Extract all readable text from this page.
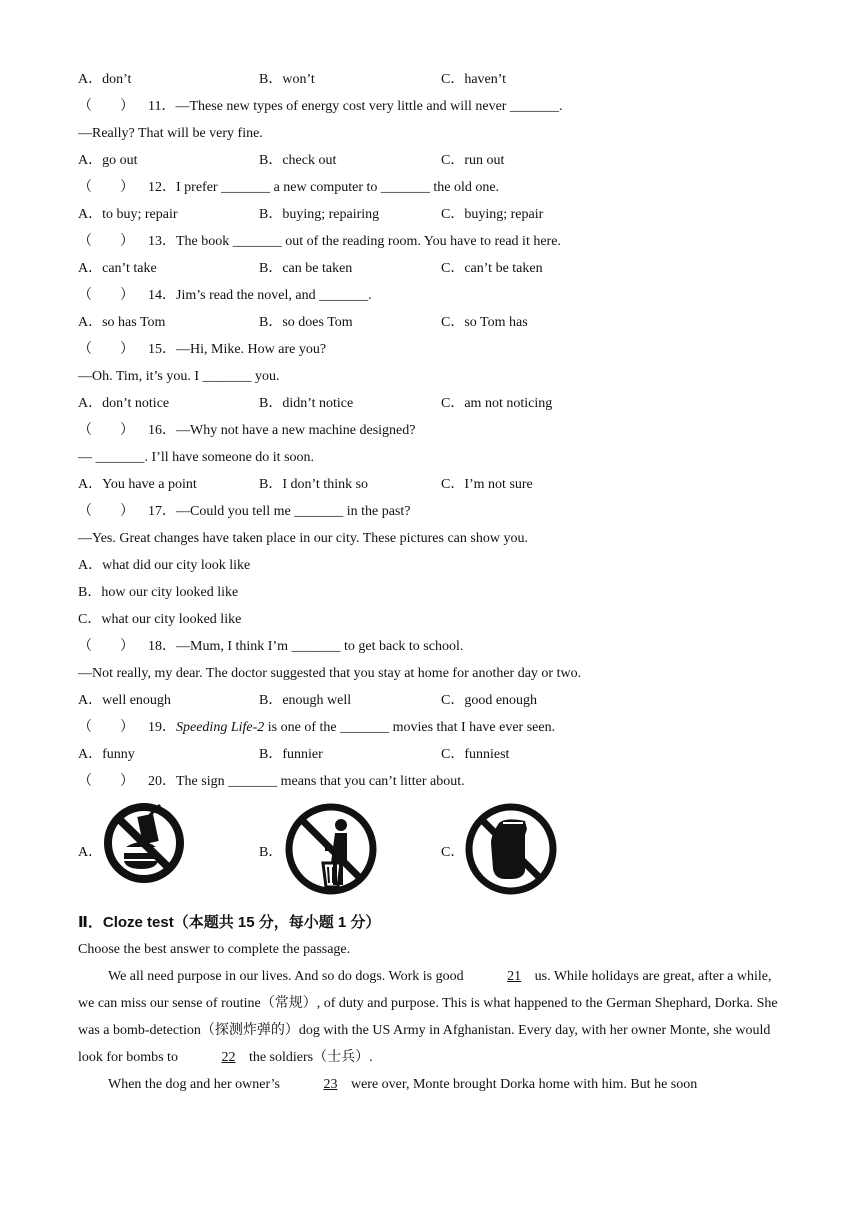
A．don’t	B．won’t	C．haven’t
（　　） 11．—These new types of energy cost very little and will never _______.
—Really? That will be very fine.
A．go out	B．check out	C．run out
（　　） 12．I prefer _______ a new computer to _______ the old one.
A．to buy; repair	B．buying; repairing	C．buying; repair
（　　） 13．The book _______ out of the reading room. You have to read it here.
A．can’t take	B．can be taken	C．can’t be taken
（　　） 14．Jim’s read the novel, and _______.
A．so has Tom	B．so does Tom	C．so Tom has
（　　） 15．—Hi, Mike. How are you?
—Oh. Tim, it’s you. I _______ you.
A．don’t notice	B．didn’t notice	C．am not noticing
（　　） 16．—Why not have a new machine designed?
— _______. I’ll have someone do it soon.
A．You have a point	B．I don’t think so	C．I’m not sure
（　　） 17．—Could you tell me _______ in the past?
—Yes. Great changes have taken place in our city. These pictures can show you.
A．what did our city look like
B．how our city looked like
C．what our city looked like
（　　） 18．—Mum, I think I’m _______ to get back to school.
—Not really, my dear. The doctor suggested that you stay at home for another day or two.
A．well enough	B．enough well	C．good enough
（　　） 19．Speeding Life-2 is one of the _______ movies that I have ever seen.
A．funny	B．funnier	C．funniest
（　　） 20．The sign _______ means that you can’t litter about.
A．	B．	C．
Ⅱ．Cloze test（本题共 15 分，每小题 1 分）
Choose the best answer to complete the passage.
We all need purpose in our lives. And so do dogs. Work is good	21 us. While holidays are great, after a while, we can miss our sense of routine（常规）, of duty and purpose. This is what happened to the German Shephard, Dorka. She was a bomb-detection（探测炸弹的）dog with the US Army in Afghanistan. Every day, with her owner Monte, she would look for bombs to	22 the soldiers（士兵）.
When the dog and her owner’s	23 were over, Monte brought Dorka home with him. But he soon
